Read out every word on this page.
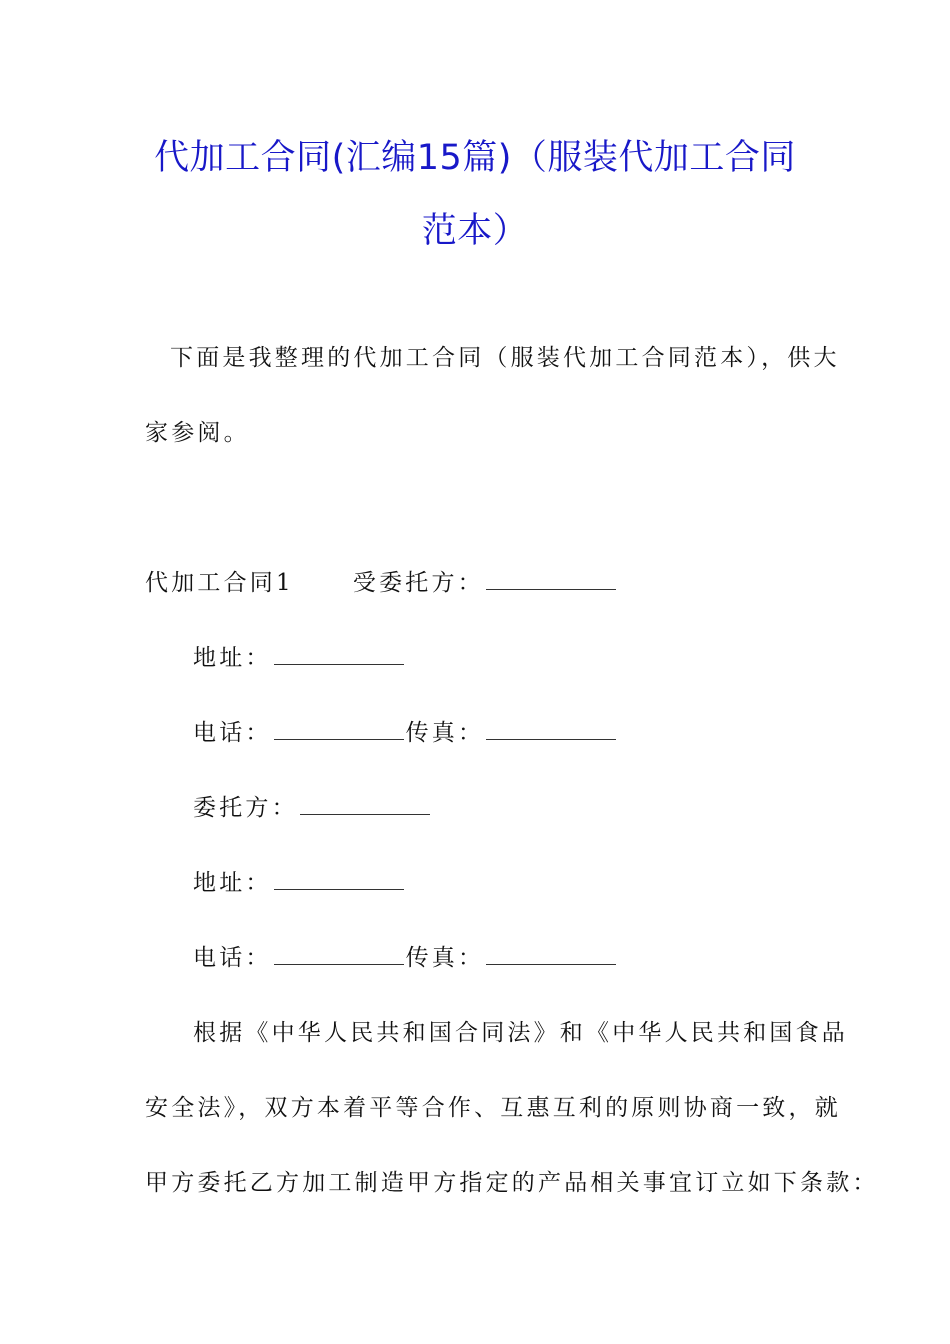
代加工合同(汇编15篇)（服装代加工合同
范本）
下面是我整理的代加工合同（服装代加工合同范本），供大
家参阅。
代加工合同1	受委托方：
地址：
电话：	传真：
委托方：
地址：
电话：	传真：
根据《中华人民共和国合同法》和《中华人民共和国食品
安全法》，双方本着平等合作、互惠互利的原则协商一致，就
甲方委托乙方加工制造甲方指定的产品相关事宜订立如下条款：
